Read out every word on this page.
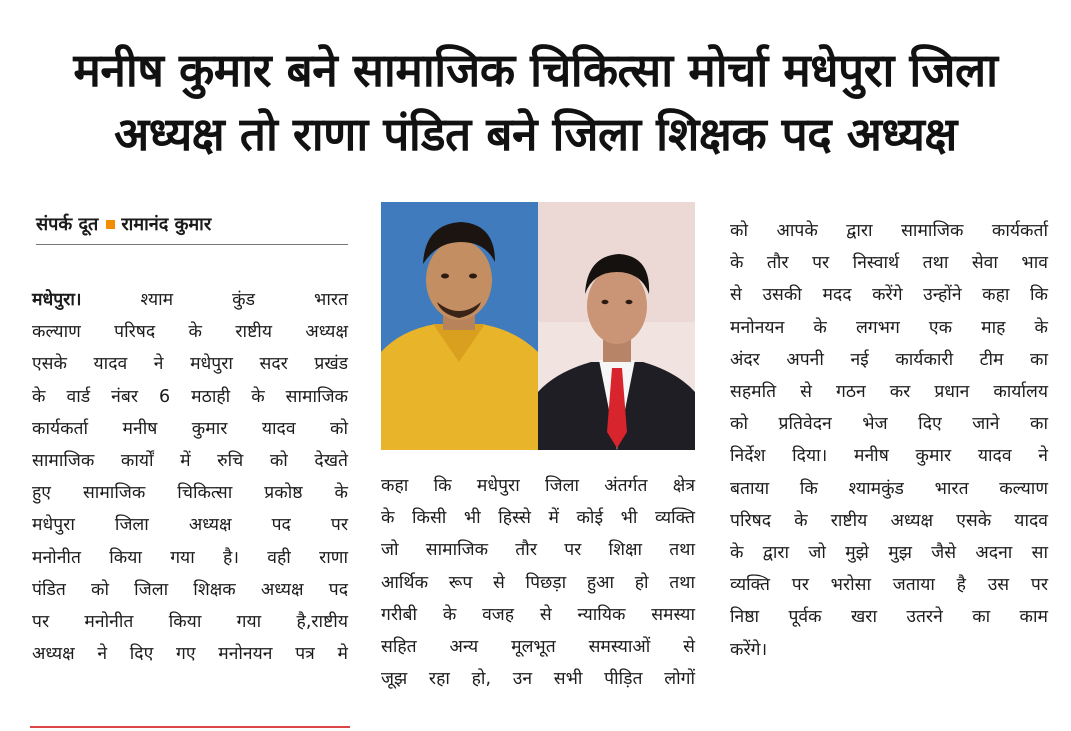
मनीष कुमार बने सामाजिक चिकित्सा मोर्चा मधेपुरा जिला
अध्यक्ष तो राणा पंडित बने जिला शिक्षक पद अध्यक्ष
संपर्क दूत रामानंद कुमार
मधेपुरा। श्याम कुंड भारत
कल्याण परिषद के राष्टीय अध्यक्ष
एसके यादव ने मधेपुरा सदर प्रखंड
के वार्ड नंबर 6 मठाही के सामाजिक
कार्यकर्ता मनीष कुमार यादव को
सामाजिक कार्यों में रुचि को देखते
हुए सामाजिक चिकित्सा प्रकोष्ठ के
मधेपुरा जिला अध्यक्ष पद पर
मनोनीत किया गया है। वही राणा
पंडित को जिला शिक्षक अध्यक्ष पद
पर मनोनीत किया गया है,राष्टीय
अध्यक्ष ने दिए गए मनोनयन पत्र मे
कहा कि मधेपुरा जिला अंतर्गत क्षेत्र
के किसी भी हिस्से में कोई भी व्यक्ति
जो सामाजिक तौर पर शिक्षा तथा
आर्थिक रूप से पिछड़ा हुआ हो तथा
गरीबी के वजह से न्यायिक समस्या
सहित अन्य मूलभूत समस्याओं से
जूझ रहा हो, उन सभी पीड़ित लोगों
को आपके द्वारा सामाजिक कार्यकर्ता
के तौर पर निस्वार्थ तथा सेवा भाव
से उसकी मदद करेंगे उन्होंने कहा कि
मनोनयन के लगभग एक माह के
अंदर अपनी नई कार्यकारी टीम का
सहमति से गठन कर प्रधान कार्यालय
को प्रतिवेदन भेज दिए जाने का
निर्देश दिया। मनीष कुमार यादव ने
बताया कि श्यामकुंड भारत कल्याण
परिषद के राष्टीय अध्यक्ष एसके यादव
के द्वारा जो मुझे मुझ जैसे अदना सा
व्यक्ति पर भरोसा जताया है उस पर
निष्ठा पूर्वक खरा उतरने का काम
करेंगे।
